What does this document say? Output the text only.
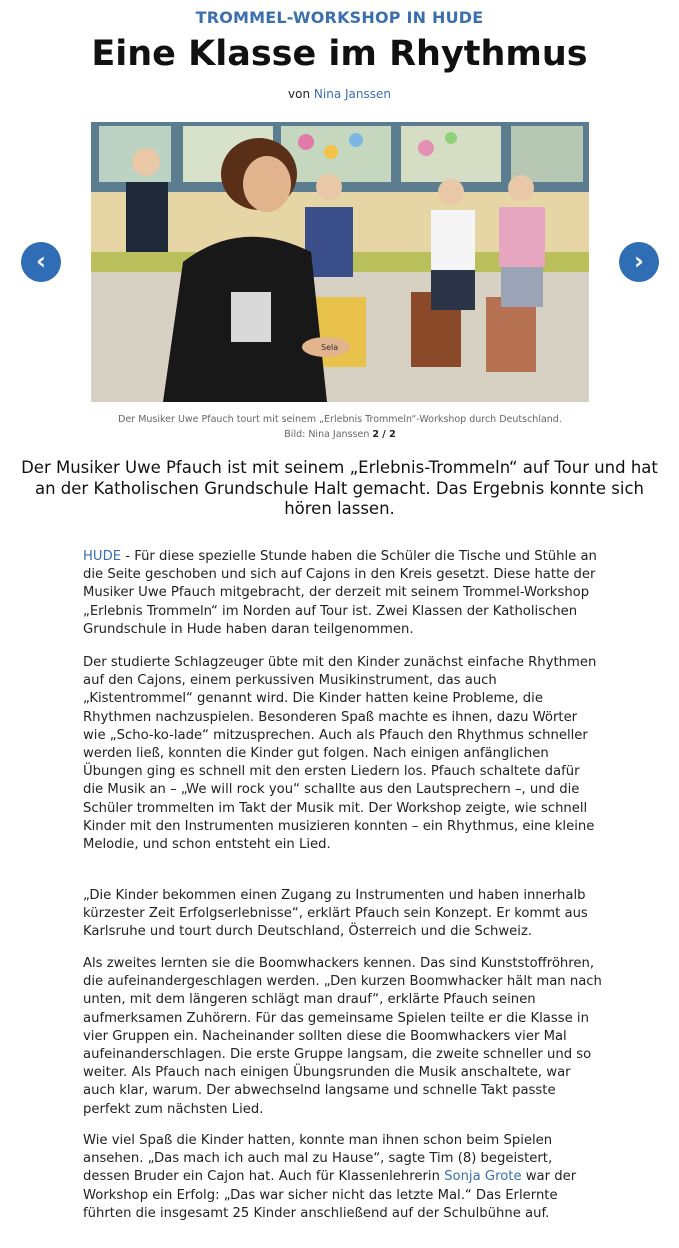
TROMMEL-WORKSHOP IN HUDE
Eine Klasse im Rhythmus
von Nina Janssen
Sela
‹	›
Der Musiker Uwe Pfauch tourt mit seinem „Erlebnis Trommeln“-Workshop durch Deutschland.
Bild: Nina Janssen 2 / 2
Der Musiker Uwe Pfauch ist mit seinem „Erlebnis-Trommeln“ auf Tour und hat an der Katholischen Grundschule Halt gemacht. Das Ergebnis konnte sich hören lassen.

HUDE - Für diese spezielle Stunde haben die Schüler die Tische und Stühle an die Seite geschoben und sich auf Cajons in den Kreis gesetzt. Diese hatte der Musiker Uwe Pfauch mitgebracht, der derzeit mit seinem Trommel-Workshop „Erlebnis Trommeln“ im Norden auf Tour ist. Zwei Klassen der Katholischen Grundschule in Hude haben daran teilgenommen.

Der studierte Schlagzeuger übte mit den Kinder zunächst einfache Rhythmen auf den Cajons, einem perkussiven Musikinstrument, das auch „Kistentrommel“ genannt wird. Die Kinder hatten keine Probleme, die Rhythmen nachzuspielen. Besonderen Spaß machte es ihnen, dazu Wörter wie „Scho-ko-lade“ mitzusprechen. Auch als Pfauch den Rhythmus schneller werden ließ, konnten die Kinder gut folgen. Nach einigen anfänglichen Übungen ging es schnell mit den ersten Liedern los. Pfauch schaltete dafür die Musik an – „We will rock you“ schallte aus den Lautsprechern –, und die Schüler trommelten im Takt der Musik mit. Der Workshop zeigte, wie schnell Kinder mit den Instrumenten musizieren konnten – ein Rhythmus, eine kleine Melodie, und schon entsteht ein Lied.

„Die Kinder bekommen einen Zugang zu Instrumenten und haben innerhalb kürzester Zeit Erfolgserlebnisse“, erklärt Pfauch sein Konzept. Er kommt aus Karlsruhe und tourt durch Deutschland, Österreich und die Schweiz.

Als zweites lernten sie die Boomwhackers kennen. Das sind Kunststoffröhren, die aufeinandergeschlagen werden. „Den kurzen Boomwhacker hält man nach unten, mit dem längeren schlägt man drauf“, erklärte Pfauch seinen aufmerksamen Zuhörern. Für das gemeinsame Spielen teilte er die Klasse in vier Gruppen ein. Nacheinander sollten diese die Boomwhackers vier Mal aufeinanderschlagen. Die erste Gruppe langsam, die zweite schneller und so weiter. Als Pfauch nach einigen Übungsrunden die Musik anschaltete, war auch klar, warum. Der abwechselnd langsame und schnelle Takt passte perfekt zum nächsten Lied.

Wie viel Spaß die Kinder hatten, konnte man ihnen schon beim Spielen ansehen. „Das mach ich auch mal zu Hause“, sagte Tim (8) begeistert, dessen Bruder ein Cajon hat. Auch für Klassenlehrerin Sonja Grote war der Workshop ein Erfolg: „Das war sicher nicht das letzte Mal.“ Das Erlernte führten die insgesamt 25 Kinder anschließend auf der Schulbühne auf.
